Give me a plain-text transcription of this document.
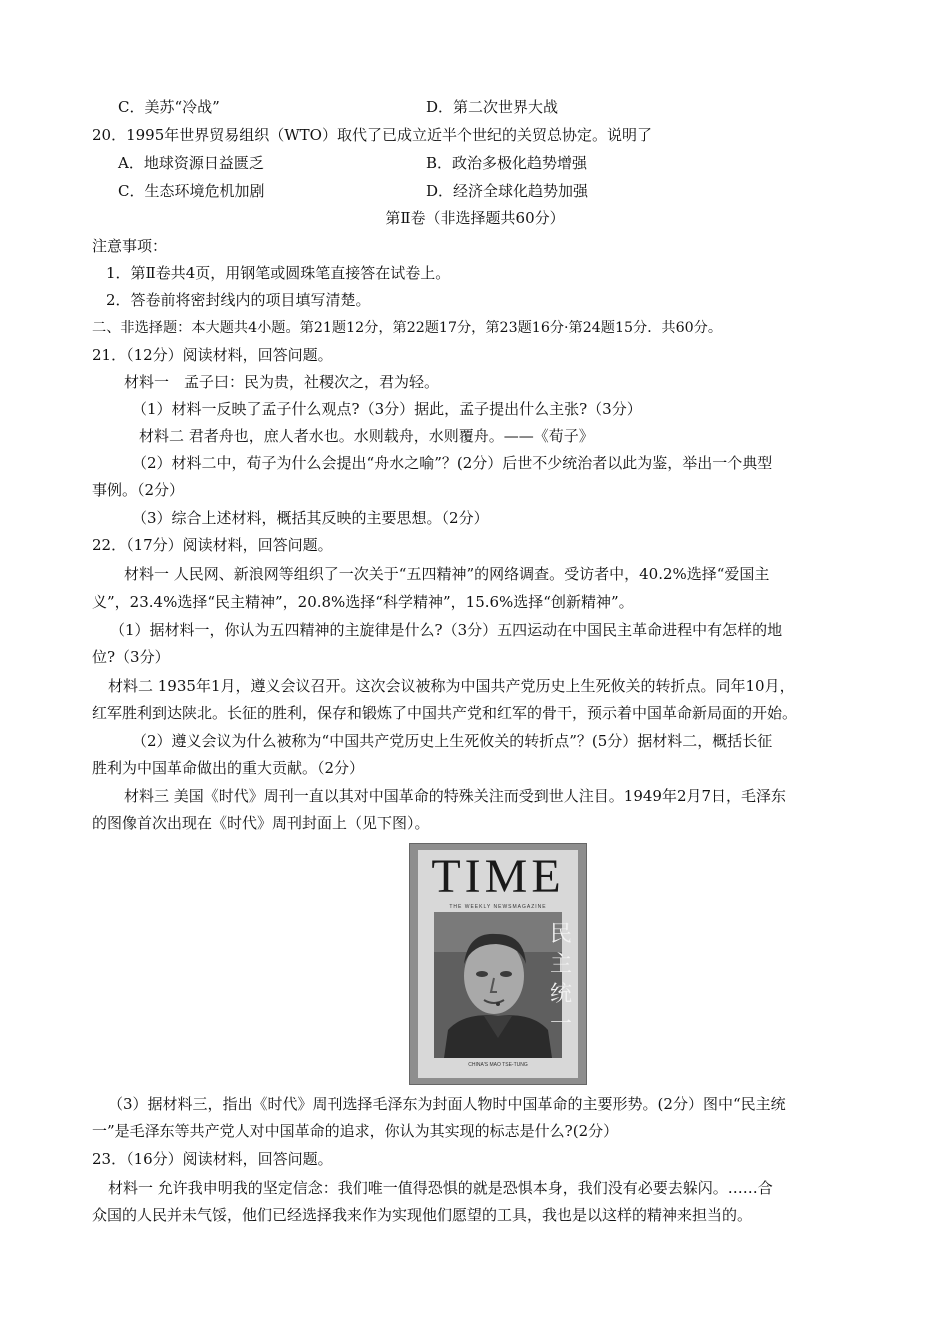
C．美苏“冷战”	D．第二次世界大战
20．1995年世界贸易组织（WTO）取代了已成立近半个世纪的关贸总协定。说明了
A．地球资源日益匮乏	B．政治多极化趋势增强
C．生态环境危机加剧	D．经济全球化趋势加强
第Ⅱ卷（非选择题共60分）
注意事项：
1．第Ⅱ卷共4页，用钢笔或圆珠笔直接答在试卷上。
2．答卷前将密封线内的项目填写清楚。
二、非选择题：本大题共4小题。第21题12分，第22题17分，第23题16分·第24题15分．共60分。
21．（12分）阅读材料，回答问题。
材料一　孟子曰：民为贵，社稷次之，君为轻。
（1）材料一反映了孟子什么观点?（3分）据此，孟子提出什么主张?（3分）
材料二 君者舟也，庶人者水也。水则载舟，水则覆舟。——《荀子》
（2）材料二中，荀子为什么会提出“舟水之喻”？(2分）后世不少统治者以此为鉴，举出一个典型
事例。（2分）
（3）综合上述材料，概括其反映的主要思想。（2分）
22．（17分）阅读材料，回答问题。
材料一 人民网、新浪网等组织了一次关于“五四精神”的网络调查。受访者中，40.2%选择“爱国主
义”，23.4%选择“民主精神”，20.8%选择“科学精神”，15.6%选择“创新精神”。
（1）据材料一，你认为五四精神的主旋律是什么?（3分）五四运动在中国民主革命进程中有怎样的地
位?（3分）
材料二 1935年1月，遵义会议召开。这次会议被称为中国共产党历史上生死攸关的转折点。同年10月，
红军胜利到达陕北。长征的胜利，保存和锻炼了中国共产党和红军的骨干，预示着中国革命新局面的开始。
（2）遵义会议为什么被称为“中国共产党历史上生死攸关的转折点”？(5分）据材料二，概括长征
胜利为中国革命做出的重大贡献。（2分）
材料三 美国《时代》周刊一直以其对中国革命的特殊关注而受到世人注目。1949年2月7日，毛泽东
的图像首次出现在《时代》周刊封面上（见下图）。
TIME
THE WEEKLY NEWSMAGAZINE
民主统一
CHINA'S MAO TSE-TUNG
（3）据材料三，指出《时代》周刊选择毛泽东为封面人物时中国革命的主要形势。(2分）图中“民主统
一”是毛泽东等共产党人对中国革命的追求，你认为其实现的标志是什么?(2分）
23．（16分）阅读材料，回答问题。
材料一 允许我申明我的坚定信念：我们唯一值得恐惧的就是恐惧本身，我们没有必要去躲闪。……合
众国的人民并未气馁，他们已经选择我来作为实现他们愿望的工具，我也是以这样的精神来担当的。
